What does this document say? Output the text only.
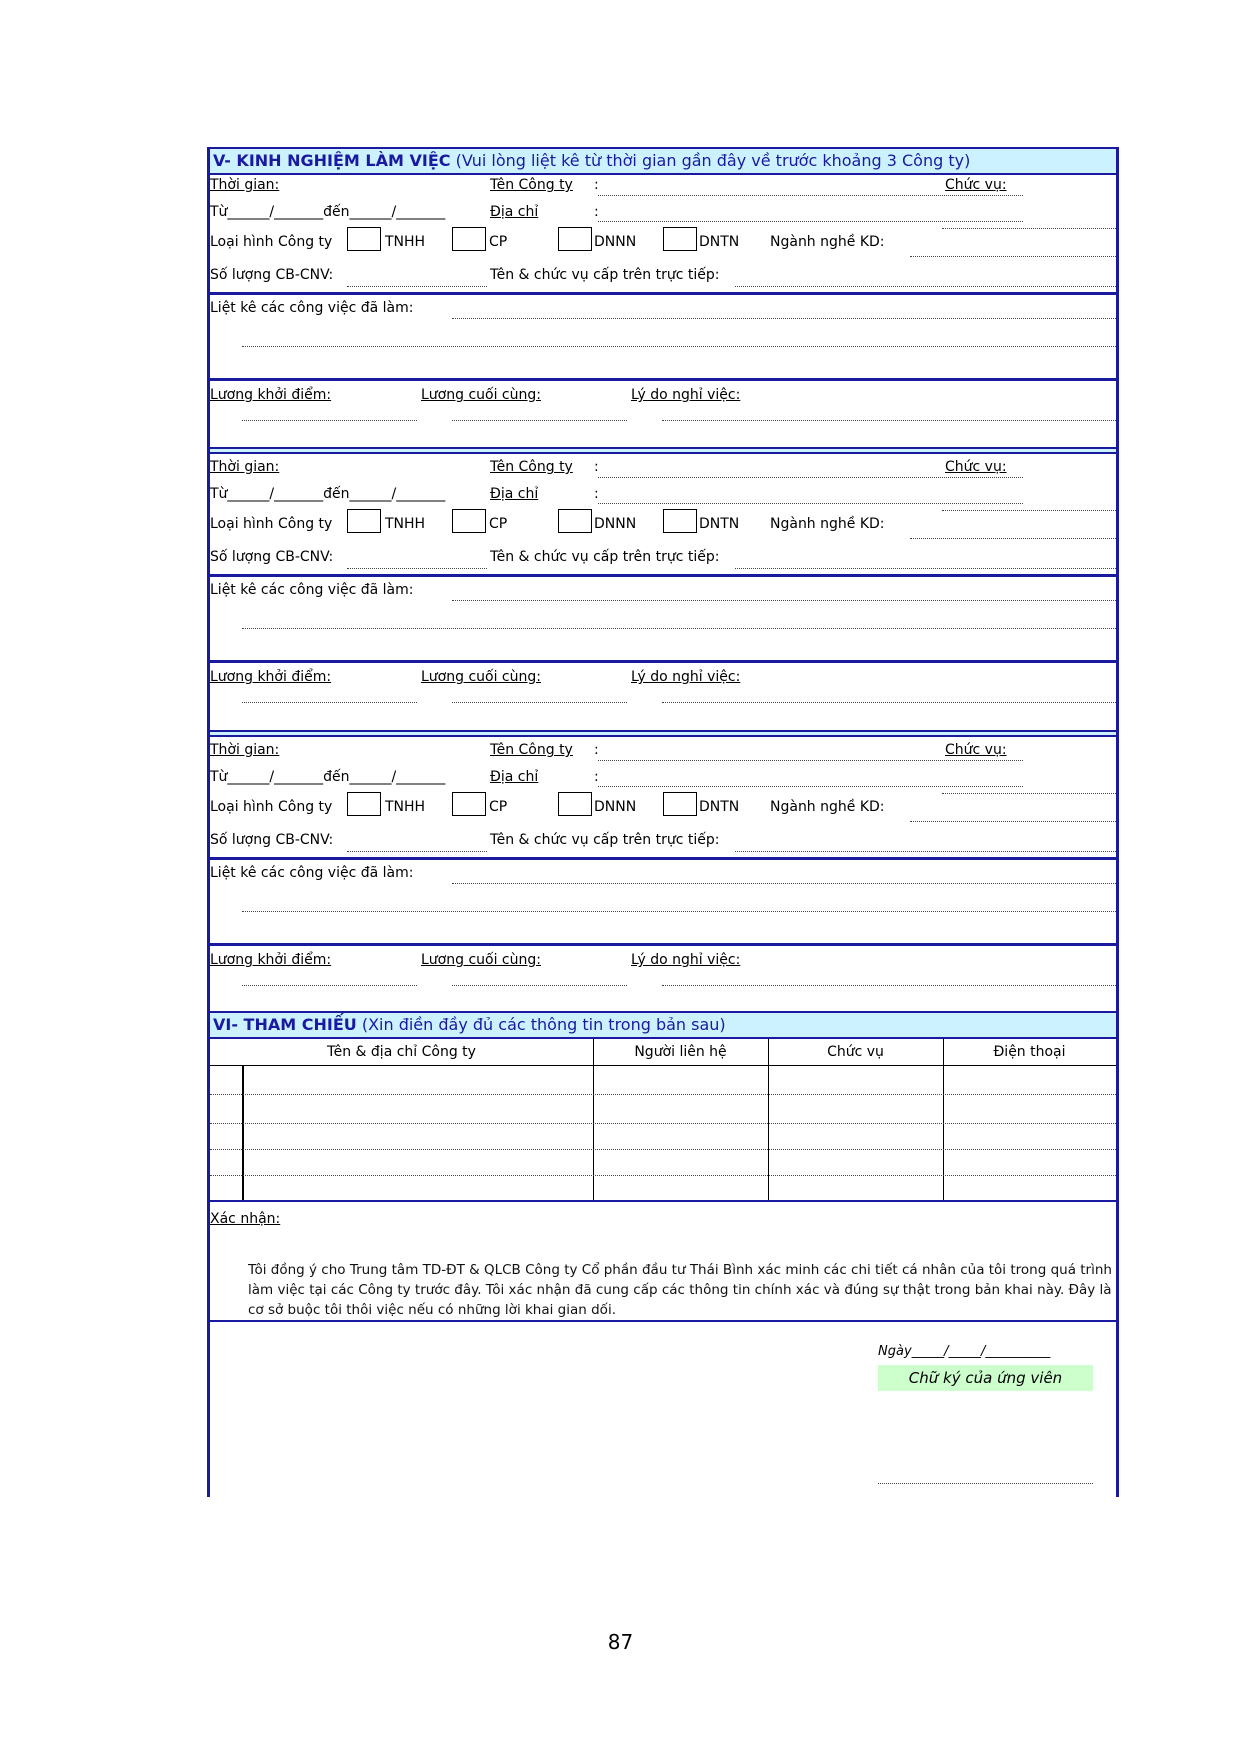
V- KINH NGHIỆM LÀM VIỆC (Vui lòng liệt kê từ thời gian gần đây về trước khoảng 3 Công ty)
Thời gian:	Tên Công ty :	Chức vụ:
Từ______/_______đến______/_______	Địa chỉ	:
Loại hình Công ty	TNHH	CP	DNNN	DNTN Ngành nghề KD:
Số lượng CB-CNV:	Tên & chức vụ cấp trên trực tiếp:
Liệt kê các công việc đã làm:
Lương khởi điểm:	Lương cuối cùng:	Lý do nghỉ việc:
Thời gian:	Tên Công ty :	Chức vụ:
Từ______/_______đến______/_______	Địa chỉ	:
Loại hình Công ty	TNHH	CP	DNNN	DNTN Ngành nghề KD:
Số lượng CB-CNV:	Tên & chức vụ cấp trên trực tiếp:
Liệt kê các công việc đã làm:
Lương khởi điểm:	Lương cuối cùng:	Lý do nghỉ việc:
Thời gian:	Tên Công ty :	Chức vụ:
Từ______/_______đến______/_______	Địa chỉ	:
Loại hình Công ty	TNHH	CP	DNNN	DNTN Ngành nghề KD:
Số lượng CB-CNV:	Tên & chức vụ cấp trên trực tiếp:
Liệt kê các công việc đã làm:
Lương khởi điểm:	Lương cuối cùng:	Lý do nghỉ việc:
VI- THAM CHIẾU (Xin điền đầy đủ các thông tin trong bản sau)
Tên & địa chỉ Công ty	Người liên hệ	Chức vụ	Điện thoại
Xác nhận:
Tôi đồng ý cho Trung tâm TD-ĐT & QLCB Công ty Cổ phần đầu tư Thái Bình xác minh các chi tiết cá nhân của tôi trong quá trình làm việc tại các Công ty trước đây. Tôi xác nhận đã cung cấp các thông tin chính xác và đúng sự thật trong bản khai này. Đây là cơ sở buộc tôi thôi việc nếu có những lời khai gian dối.
Ngày_____/_____/__________
Chữ ký của ứng viên
87
